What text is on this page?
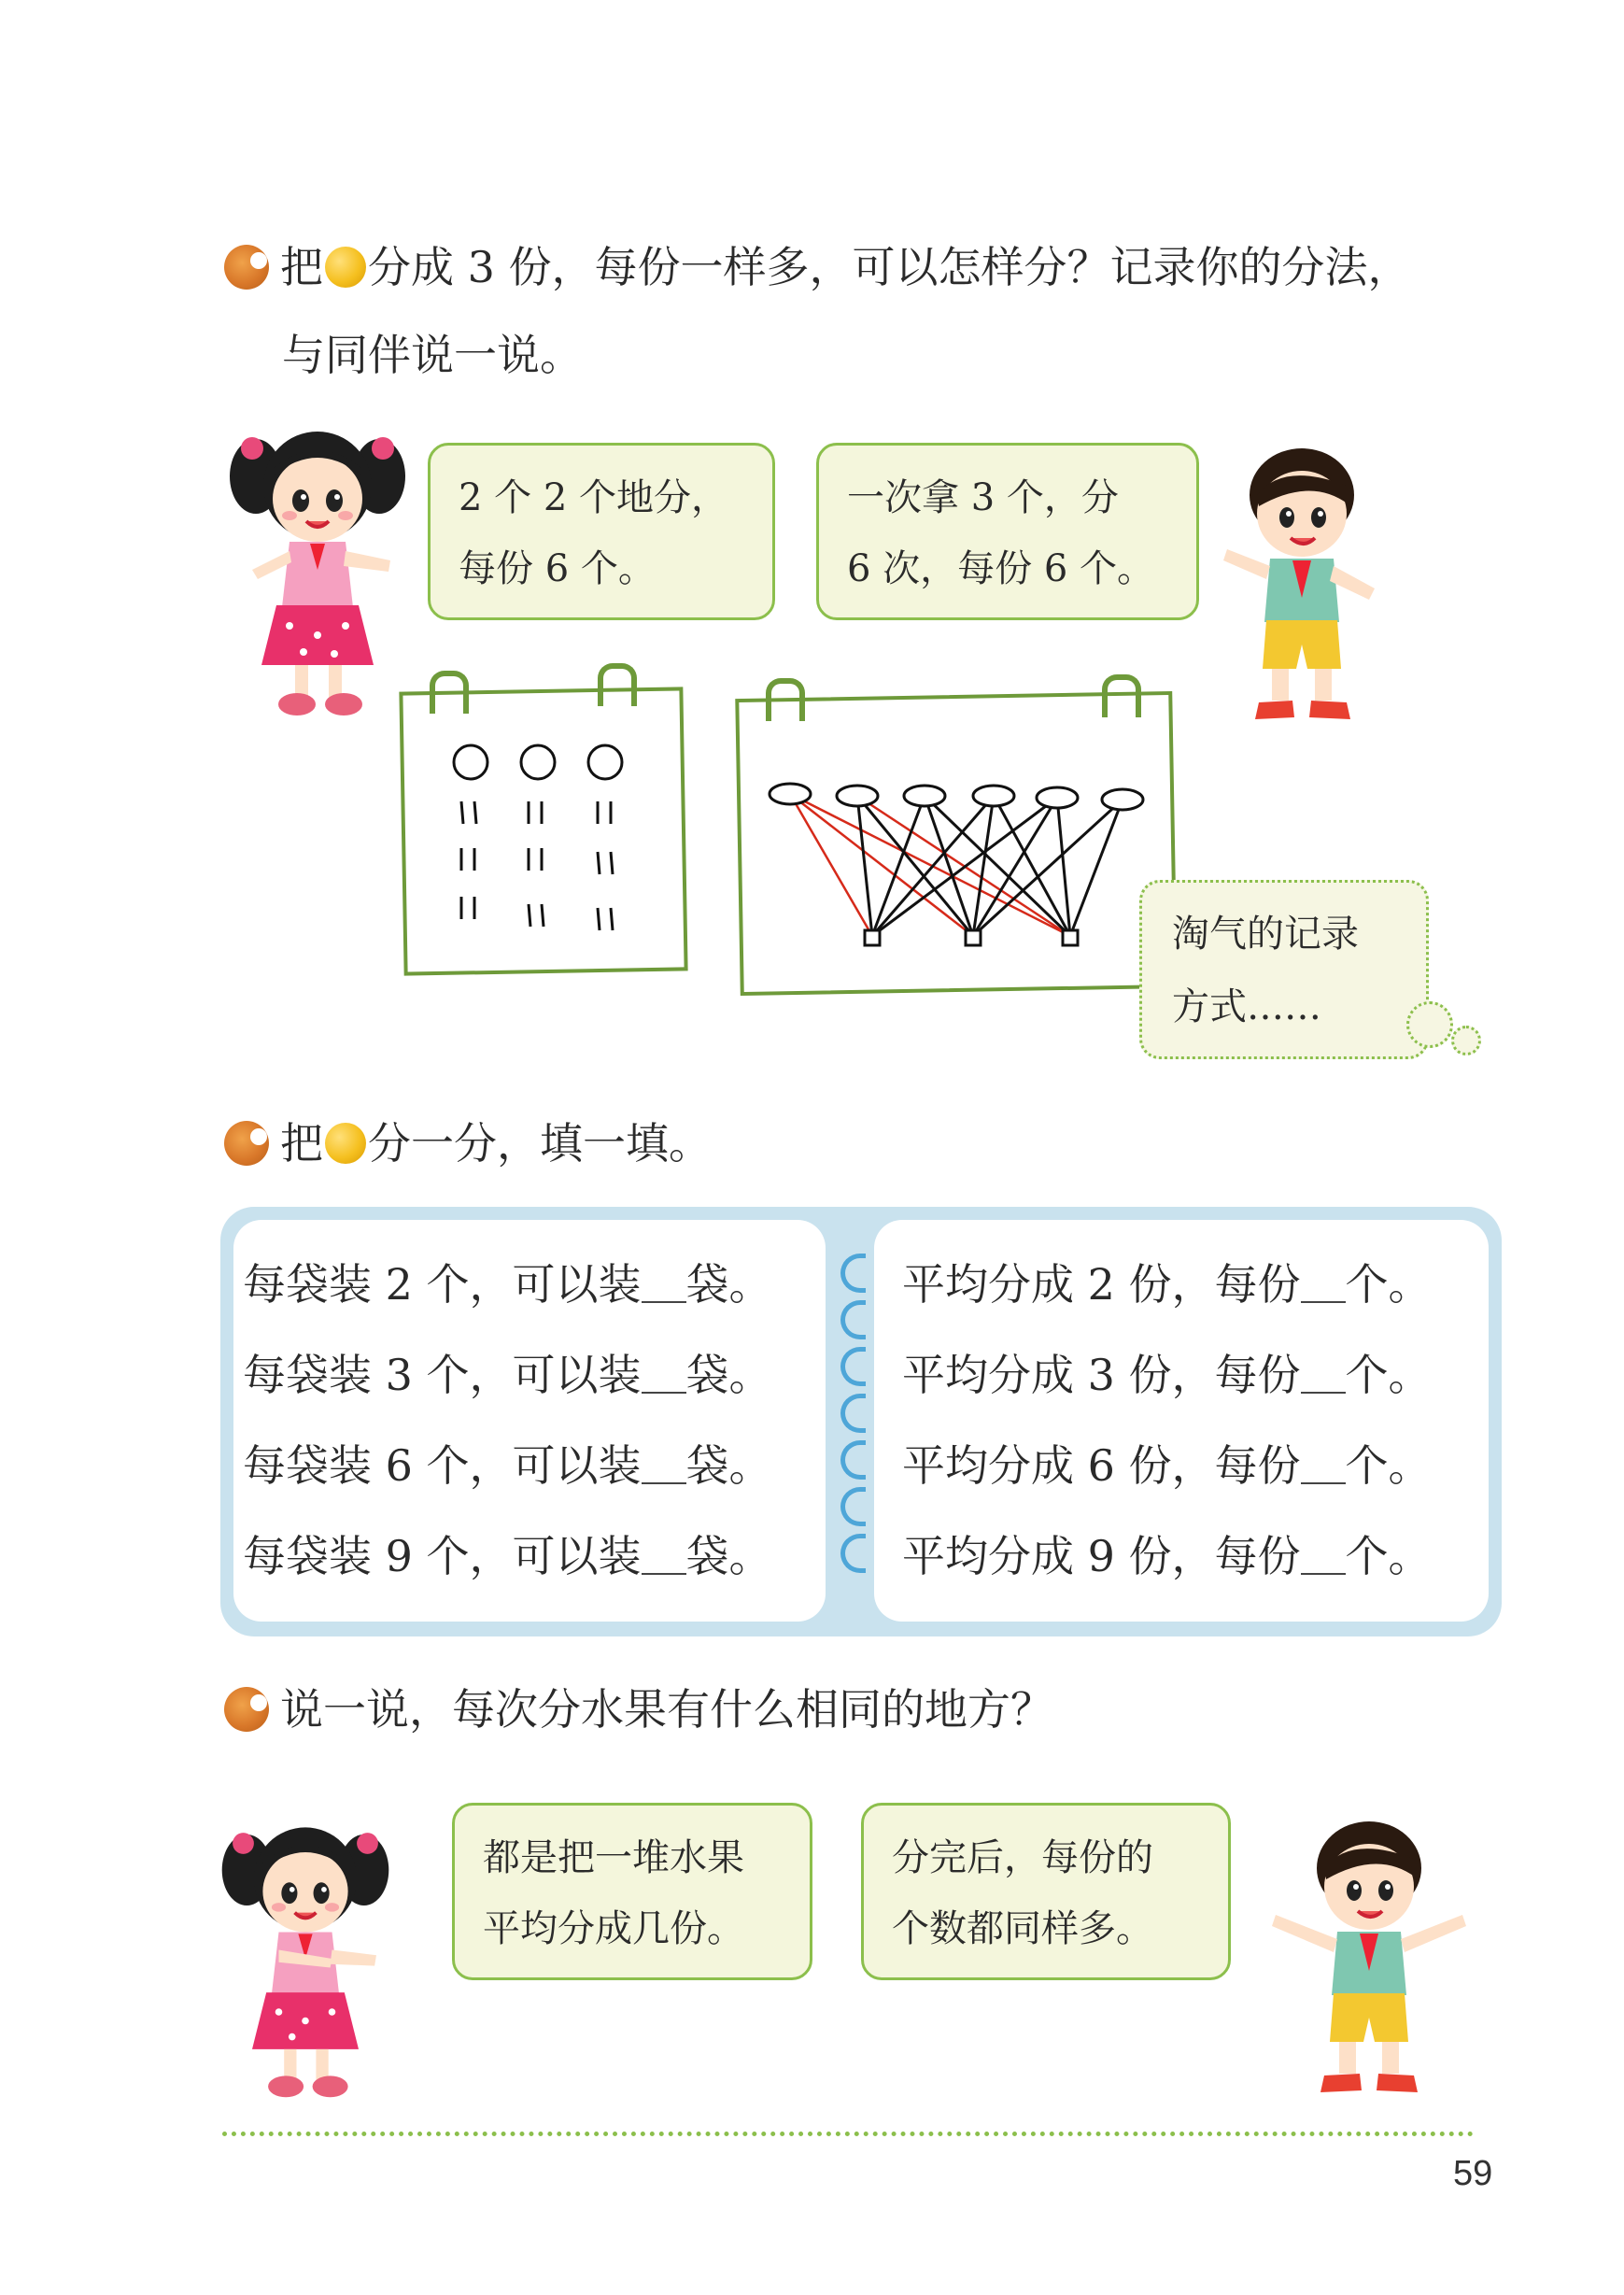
把 分成 3 份，每份一样多，可以怎样分？记录你的分法，
与同伴说一说。
2 个 2 个地分，
每份 6 个。
一次拿 3 个，分
6 次，每份 6 个。
淘气的记录
方式……
把 分一分，填一填。
每袋装 2 个，可以装 袋。
每袋装 3 个，可以装 袋。
每袋装 6 个，可以装 袋。
每袋装 9 个，可以装 袋。
平均分成 2 份，每份 个。
平均分成 3 份，每份 个。
平均分成 6 份，每份 个。
平均分成 9 份，每份 个。
说一说，每次分水果有什么相同的地方？
都是把一堆水果
平均分成几份。
分完后，每份的
个数都同样多。
59
